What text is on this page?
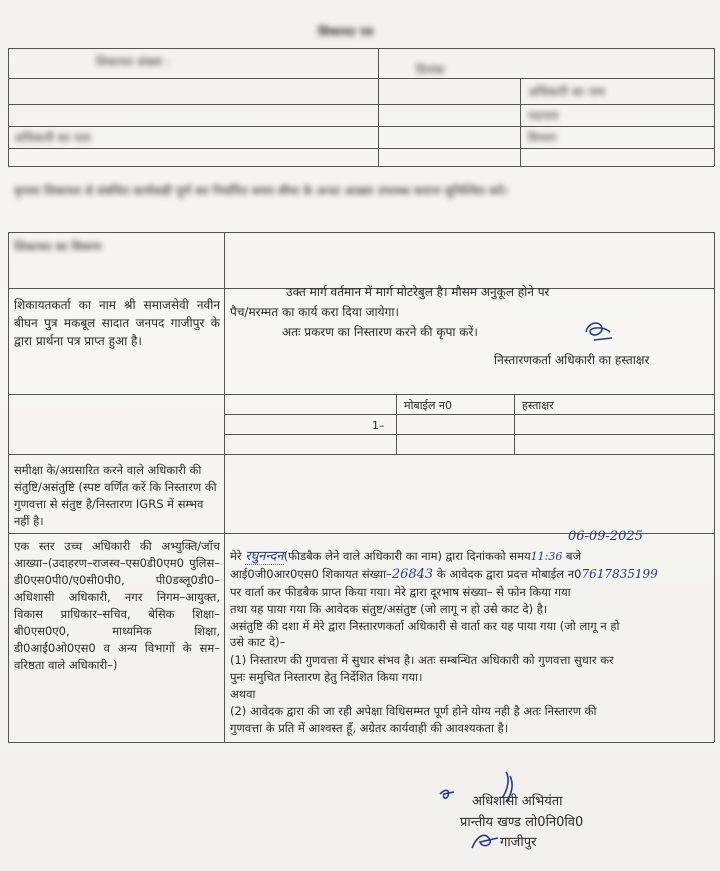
शिकायत पत्र
शिकायत संख्या :
दिनांक
अधिकारी का नाम
पदनाम
अधिकारी का पता	विभाग
कृपया शिकायत से संबंधित कार्यवाही पूर्ण कर निर्धारित समय सीमा के अन्दर आख्या उपलब्ध कराना सुनिश्चित करें।
शिकायत का विवरण
शिकायतकर्ता का नाम श्री समाजसेवी नवीन बीघन पुत्र मकबूल सादात जनपद गाजीपुर के द्वारा प्रार्थना पत्र प्राप्त हुआ है।
उक्त मार्ग वर्तमान में मार्ग मोटरेबुल है। मौसम अनुकूल होने पर
पैच/मरम्मत का कार्य करा दिया जायेगा।
अतः प्रकरण का निस्तारण करने की कृपा करें।
निस्तारणकर्ता अधिकारी का हस्ताक्षर
मोबाईल न0	हस्ताक्षर
1–
समीक्षा के/अग्रसारित करने वाले अधिकारी की संतुष्टि/असंतुष्टि (स्पष्ट वर्णित करें कि निस्तारण की गुणवत्ता से संतुष्ट है/निस्तारण IGRS में सम्भव नहीं है।
एक स्तर उच्च अधिकारी की अभ्युक्ति/जॉच आख्या–(उदाहरण–राजस्व–एस0डी0एम0 पुलिस–डी0एस0पी0/ए0सी0पी0, पी0डब्लू0डी0–अधिशासी अधिकारी, नगर निगम–आयुक्त, विकास प्राधिकार–सचिव, बेसिक शिक्षा–बी0एस0ए0, माध्यमिक शिक्षा, डी0आई0ओ0एस0 व अन्य विभागों के सम–वरिष्ठता वाले अधिकारी–)
06-09-2025
मेरे रघुनन्दन(फीडबैक लेने वाले अधिकारी का नाम) द्वारा दिनांकको समय11:36 बजे
आई0जी0आर0एस0 शिकायत संख्या–26843 के आवेदक द्वारा प्रदत्त मोबाईल न07617835199
पर वार्ता कर फीडबैक प्राप्त किया गया। मेरे द्वारा दूरभाष संख्या– से फोन किया गया
तथा यह पाया गया कि आवेदक संतुष्ट/असंतुष्ट (जो लागू न हो उसे काट दे) है।
असंतुष्टि की दशा में मेरे द्वारा निस्तारणकर्ता अधिकारी से वार्ता कर यह पाया गया (जो लागू न हो
उसे काट दे)–
(1) निस्तारण की गुणवत्ता में सुधार संभव है। अतः सम्बन्धित अधिकारी को गुणवत्ता सुधार कर
पुनः समुचित निस्तारण हेतु निर्देशित किया गया।
अथवा
(2) आवेदक द्वारा की जा रही अपेक्षा विधिसम्मत पूर्ण होने योग्य नही है अतः निस्तारण की
गुणवत्ता के प्रति में आश्वस्त हूँ, अग्रेतर कार्यवाही की आवश्यकता है।
अधिशासी अभियंता
प्रान्तीय खण्ड लो0नि0वि0
गाजीपुर
